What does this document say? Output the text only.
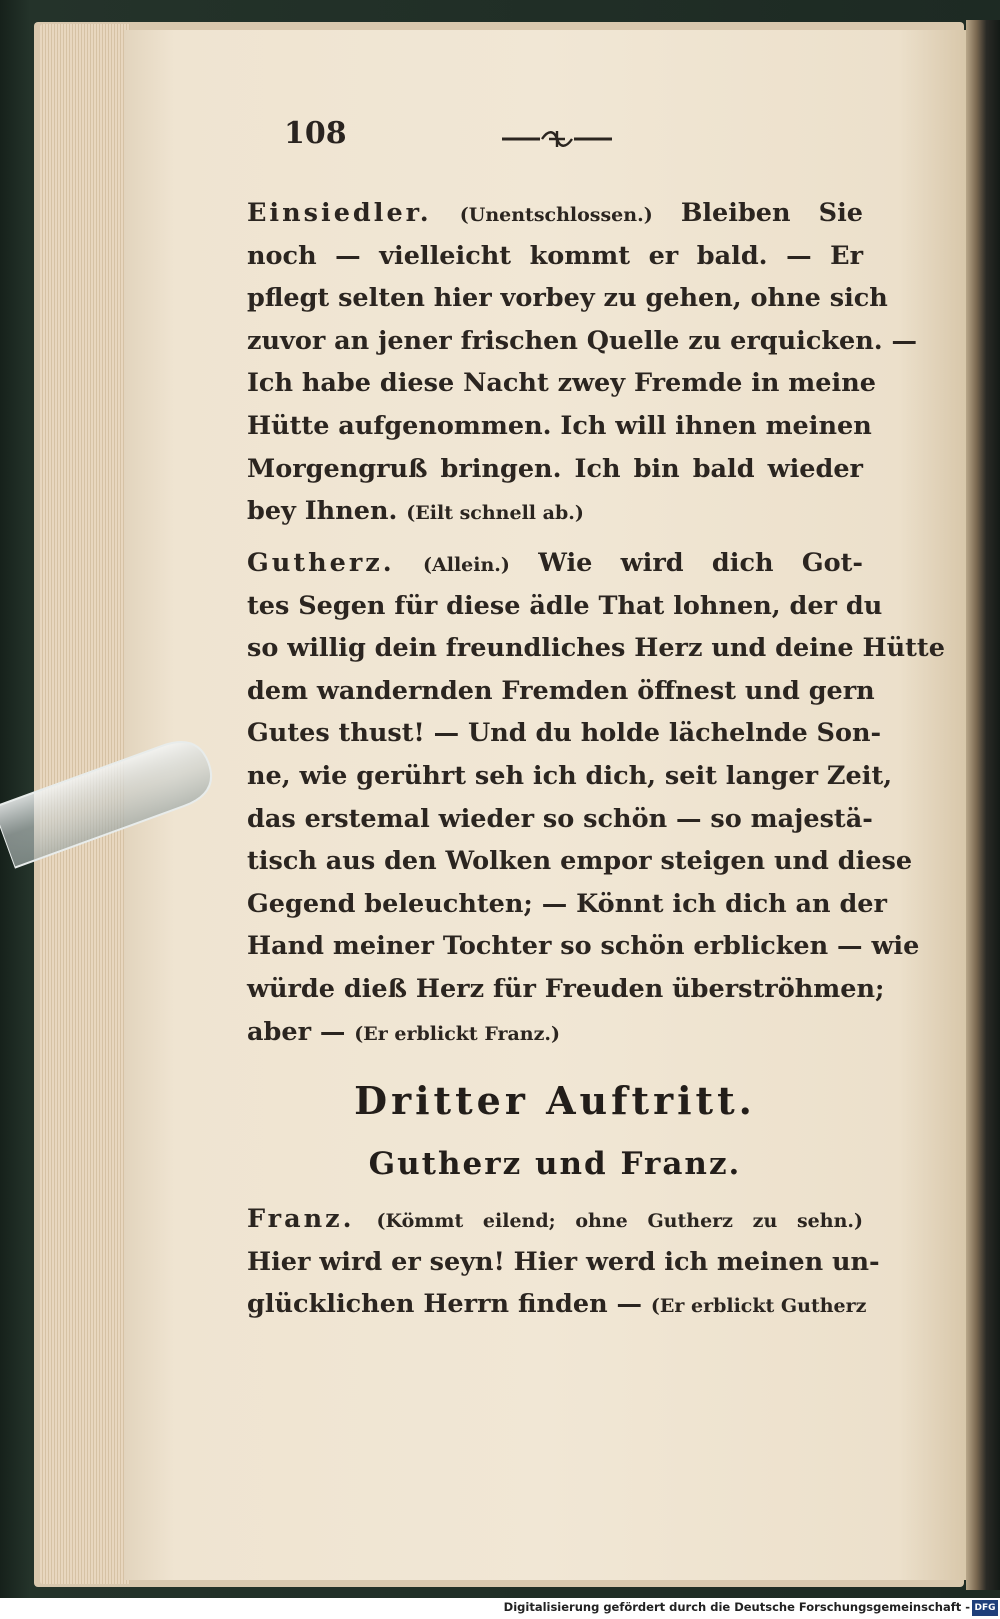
108
Einsiedler. (Unentschlossen.) Bleiben Sie
noch — vielleicht kommt er bald. — Er
pflegt selten hier vorbey zu gehen, ohne sich
zuvor an jener frischen Quelle zu erquicken. —
Ich habe diese Nacht zwey Fremde in meine
Hütte aufgenommen. Ich will ihnen meinen
Morgengruß bringen. Ich bin bald wieder
bey Ihnen. (Eilt schnell ab.)
Gutherz. (Allein.) Wie wird dich Got-
tes Segen für diese ädle That lohnen, der du
so willig dein freundliches Herz und deine Hütte
dem wandernden Fremden öffnest und gern
Gutes thust! — Und du holde lächelnde Son-
ne, wie gerührt seh ich dich, seit langer Zeit,
das erstemal wieder so schön — so majestä-
tisch aus den Wolken empor steigen und diese
Gegend beleuchten; — Könnt ich dich an der
Hand meiner Tochter so schön erblicken — wie
würde dieß Herz für Freuden überströhmen;
aber — (Er erblickt Franz.)
Dritter Auftritt.
Gutherz und Franz.
Franz. (Kömmt eilend; ohne Gutherz zu sehn.)
Hier wird er seyn! Hier werd ich meinen un-
glücklichen Herrn finden — (Er erblickt Gutherz
Digitalisierung gefördert durch die Deutsche Forschungsgemeinschaft - DFG
